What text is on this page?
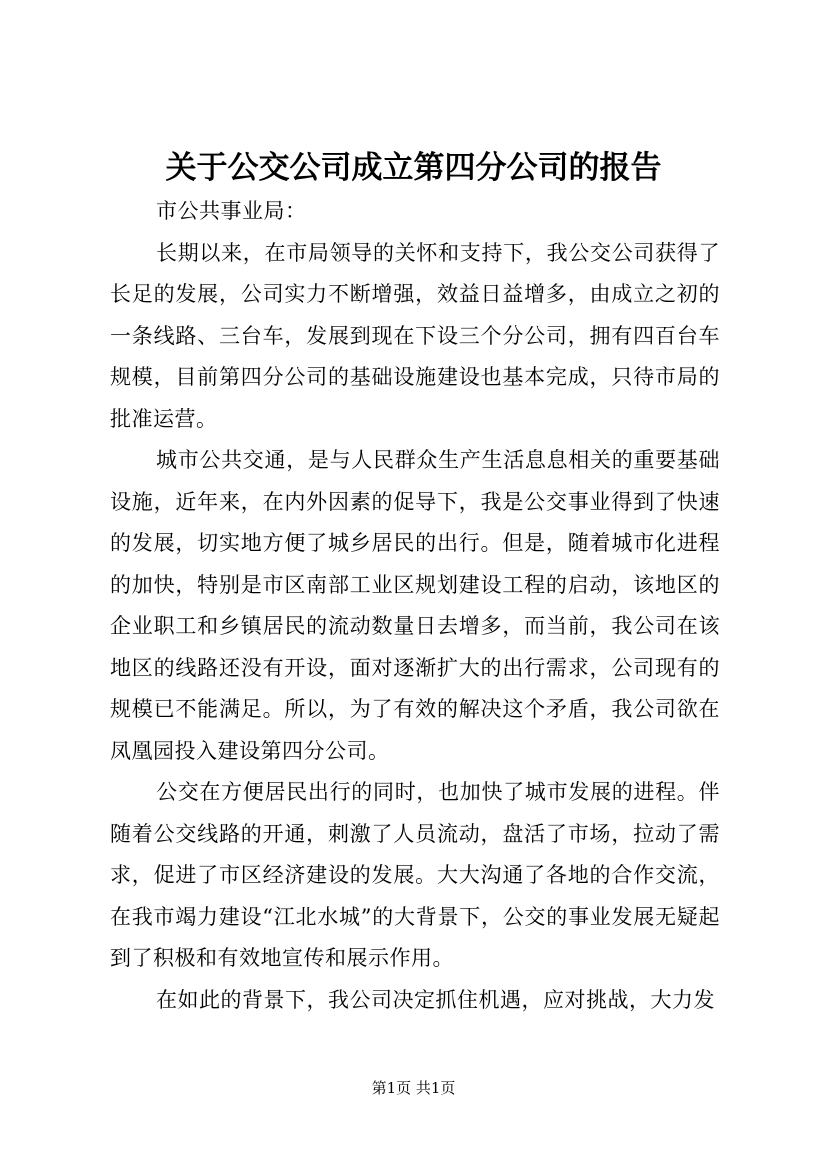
关于公交公司成立第四分公司的报告

市公共事业局：

长期以来，在市局领导的关怀和支持下，我公交公司获得了长足的发展，公司实力不断增强，效益日益增多，由成立之初的一条线路、三台车，发展到现在下设三个分公司，拥有四百台车规模，目前第四分公司的基础设施建设也基本完成，只待市局的批准运营。

城市公共交通，是与人民群众生产生活息息相关的重要基础设施，近年来，在内外因素的促导下，我是公交事业得到了快速的发展，切实地方便了城乡居民的出行。但是，随着城市化进程的加快，特别是市区南部工业区规划建设工程的启动，该地区的企业职工和乡镇居民的流动数量日去增多，而当前，我公司在该地区的线路还没有开设，面对逐渐扩大的出行需求，公司现有的规模已不能满足。所以，为了有效的解决这个矛盾，我公司欲在凤凰园投入建设第四分公司。

公交在方便居民出行的同时，也加快了城市发展的进程。伴随着公交线路的开通，刺激了人员流动，盘活了市场，拉动了需求，促进了市区经济建设的发展。大大沟通了各地的合作交流，在我市竭力建设“江北水城”的大背景下，公交的事业发展无疑起到了积极和有效地宣传和展示作用。

在如此的背景下，我公司决定抓住机遇，应对挑战，大力发

第1页 共1页
